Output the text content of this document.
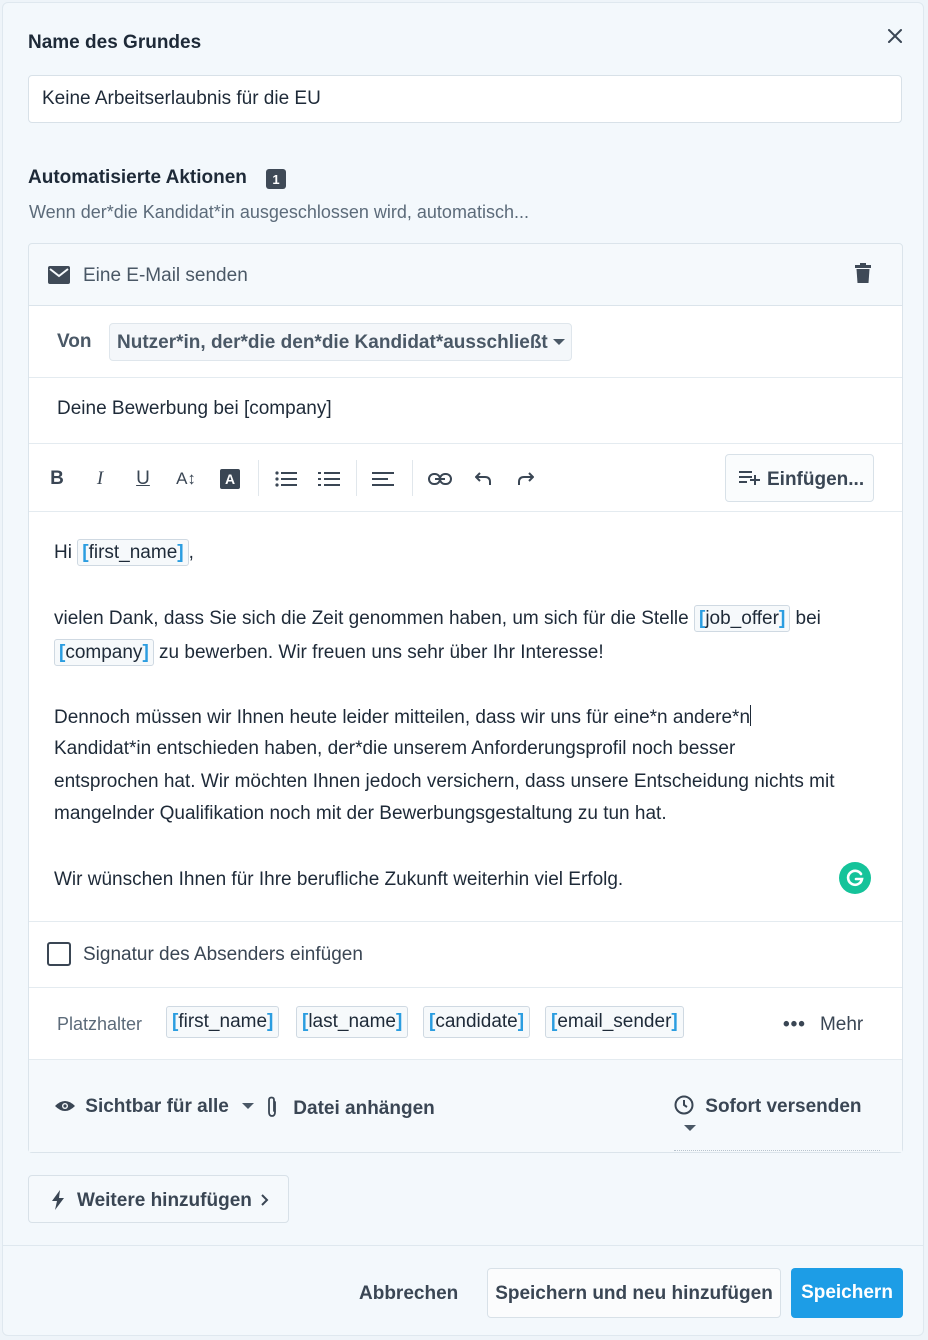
Name des Grundes
Keine Arbeitserlaubnis für die EU
Automatisierte Aktionen	1
Wenn der*die Kandidat*in ausgeschlossen wird, automatisch...
Eine E-Mail senden
Von	Nutzer*in, der*die den*die Kandidat*ausschließt
Deine Bewerbung bei [company]
B	I	U	A↕	A	Einfügen...
Hi [first_name] ,
vielen Dank, dass Sie sich die Zeit genommen haben, um sich für die Stelle [job_offer] bei
[company] zu bewerben. Wir freuen uns sehr über Ihr Interesse!
Dennoch müssen wir Ihnen heute leider mitteilen, dass wir uns für eine*n andere*n
Kandidat*in entschieden haben, der*die unserem Anforderungsprofil noch besser
entsprochen hat. Wir möchten Ihnen jedoch versichern, dass unsere Entscheidung nichts mit
mangelnder Qualifikation noch mit der Bewerbungsgestaltung zu tun hat.
Wir wünschen Ihnen für Ihre berufliche Zukunft weiterhin viel Erfolg.
Signatur des Absenders einfügen
Platzhalter	[first_name]	[last_name]	[candidate]	[email_sender]	••• Mehr
Sichtbar für alle	Datei anhängen	Sofort versenden
Weitere hinzufügen
Abbrechen	Speichern und neu hinzufügen	Speichern
